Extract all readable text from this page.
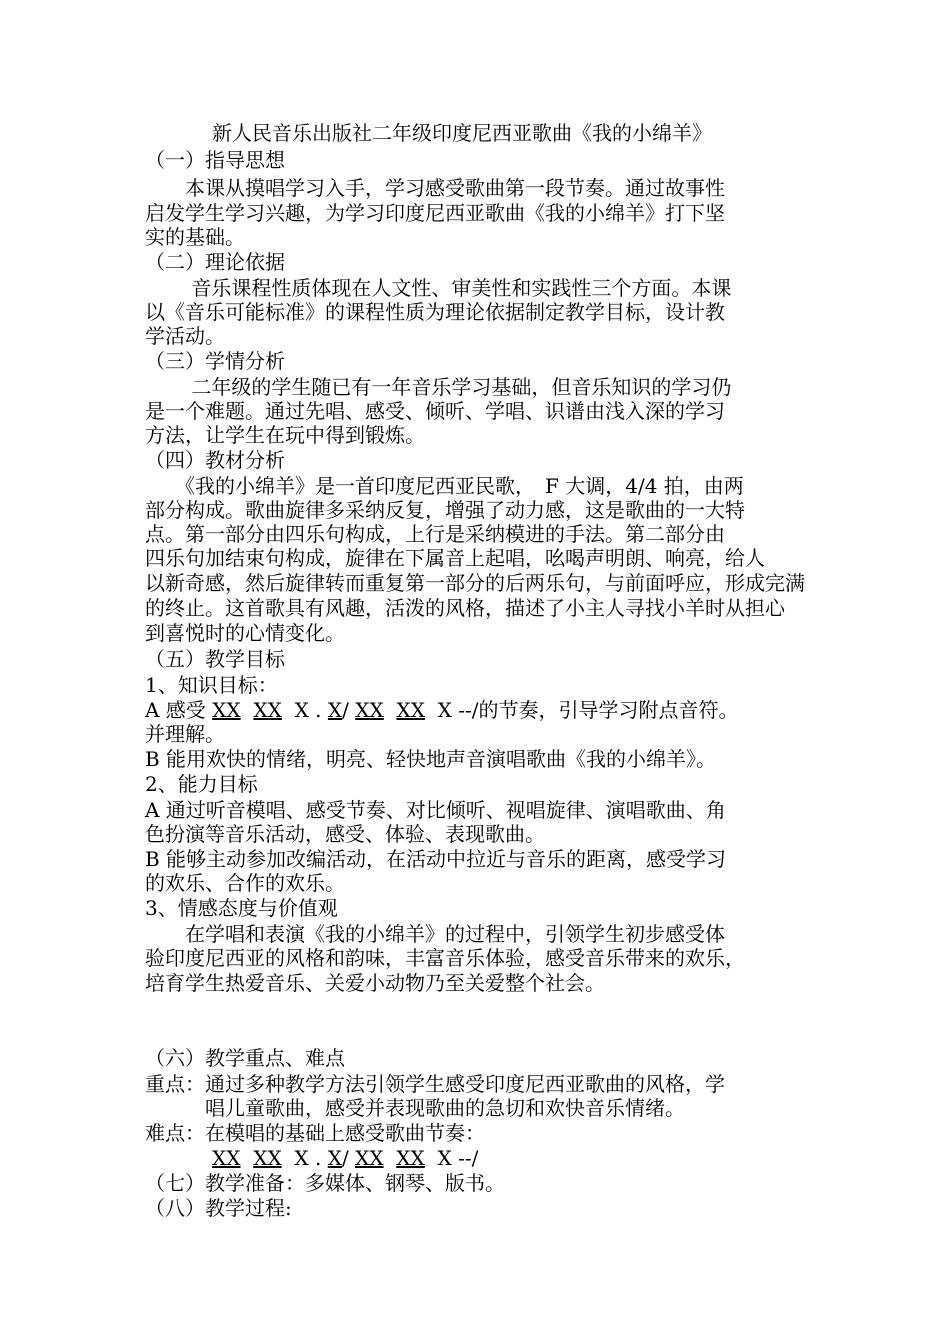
新人民音乐出版社二年级印度尼西亚歌曲《我的小绵羊》
（一）指导思想
　　本课从摸唱学习入手，学习感受歌曲第一段节奏。通过故事性
启发学生学习兴趣，为学习印度尼西亚歌曲《我的小绵羊》打下坚
实的基础。
（二）理论依据
　　 音乐课程性质体现在人文性、审美性和实践性三个方面。本课
以《音乐可能标准》的课程性质为理论依据制定教学目标，设计教
学活动。
（三）学情分析
　　 二年级的学生随已有一年音乐学习基础，但音乐知识的学习仍
是一个难题。通过先唱、感受、倾听、学唱、识谱由浅入深的学习
方法，让学生在玩中得到锻炼。
（四）教材分析
　　《我的小绵羊》是一首印度尼西亚民歌，　F 大调，4/4 拍，由两
部分构成。歌曲旋律多采纳反复，增强了动力感，这是歌曲的一大特
点。第一部分由四乐句构成，上行是采纳模进的手法。第二部分由
四乐句加结束句构成，旋律在下属音上起唱，吆喝声明朗、响亮，给人
以新奇感，然后旋律转而重复第一部分的后两乐句，与前面呼应，形成完满
的终止。这首歌具有风趣，活泼的风格，描述了小主人寻找小羊时从担心
到喜悦时的心情变化。
（五）教学目标
1、知识目标：
A 感受 XX XX X . X/ XX XX X --/的节奏，引导学习附点音符。
并理解。
B 能用欢快的情绪，明亮、轻快地声音演唱歌曲《我的小绵羊》。
2、能力目标
A 通过听音模唱、感受节奏、对比倾听、视唱旋律、演唱歌曲、角
色扮演等音乐活动，感受、体验、表现歌曲。
B 能够主动参加改编活动，在活动中拉近与音乐的距离，感受学习
的欢乐、合作的欢乐。
3、情感态度与价值观
　　在学唱和表演《我的小绵羊》的过程中，引领学生初步感受体
验印度尼西亚的风格和韵味，丰富音乐体验，感受音乐带来的欢乐，
培育学生热爱音乐、关爱小动物乃至关爱整个社会。
（六）教学重点、难点
重点：通过多种教学方法引领学生感受印度尼西亚歌曲的风格，学
　　　唱儿童歌曲，感受并表现歌曲的急切和欢快音乐情绪。
难点：在模唱的基础上感受歌曲节奏：
XX XX X . X/ XX XX X --/
（七）教学准备：多媒体、钢琴、版书。
（八）教学过程:
